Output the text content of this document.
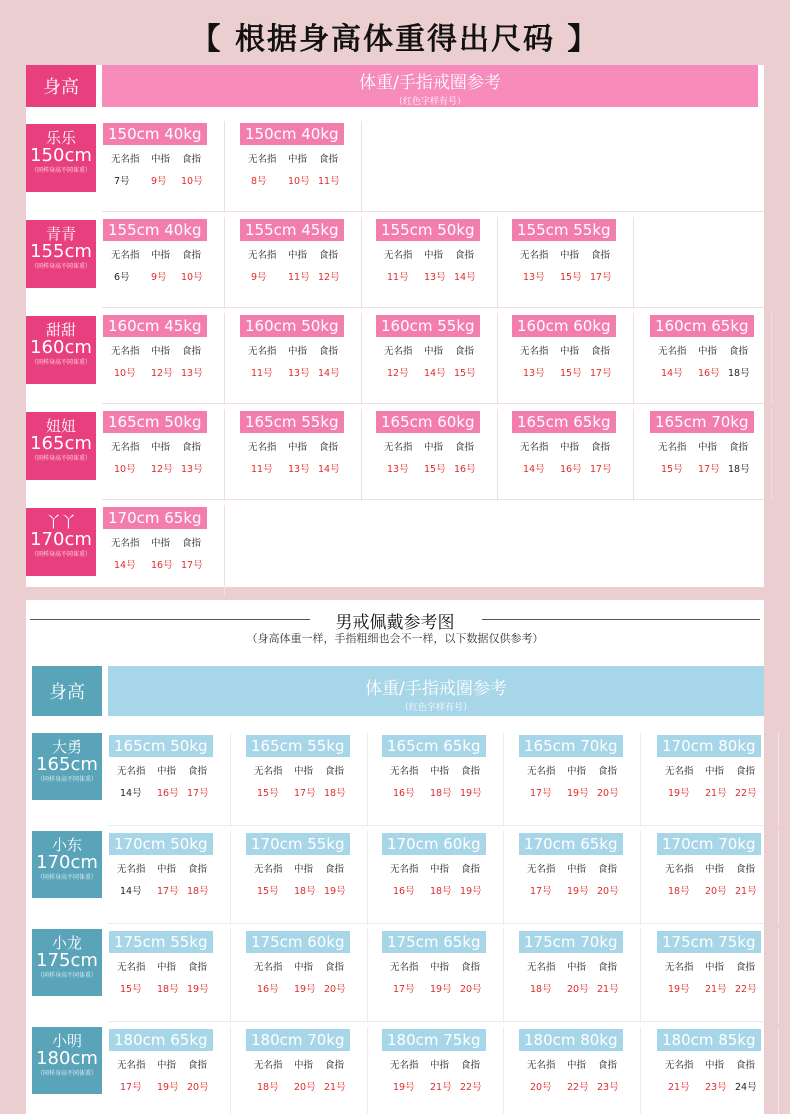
【 根据身高体重得出尺码 】
身高	体重/手指戒圈参考
（红色字样有号）
乐乐
150cm
（同样身高不同体重）
150cm 40kg
无名指	中指	食指
7号	9号	10号
150cm 40kg
无名指	中指	食指
8号	10号 11号
青青
155cm
（同样身高不同体重）
155cm 40kg
无名指	中指	食指
6号	9号	10号
155cm 45kg
无名指	中指	食指
9号	11号 12号
155cm 50kg
无名指	中指	食指
11号	13号 14号
155cm 55kg
无名指	中指	食指
13号	15号 17号
甜甜
160cm
（同样身高不同体重）
160cm 45kg
无名指	中指	食指
10号	12号 13号
160cm 50kg
无名指	中指	食指
11号	13号 14号
160cm 55kg
无名指	中指	食指
12号	14号 15号
160cm 60kg
无名指	中指	食指
13号	15号 17号
160cm 65kg
无名指	中指	食指
14号	16号 18号
妞妞
165cm
（同样身高不同体重）
165cm 50kg
无名指	中指	食指
10号	12号 13号
165cm 55kg
无名指	中指	食指
11号	13号 14号
165cm 60kg
无名指	中指	食指
13号	15号 16号
165cm 65kg
无名指	中指	食指
14号	16号 17号
165cm 70kg
无名指	中指	食指
15号	17号 18号
丫丫
170cm
（同样身高不同体重）
170cm 65kg
无名指	中指	食指
14号	16号 17号
男戒佩戴参考图
（身高体重一样，手指粗细也会不一样，以下数据仅供参考）
身高	体重/手指戒圈参考
（红色字样有号）
大勇
165cm
（同样身高不同体重）
165cm 50kg
无名指	中指	食指
14号	16号 17号
165cm 55kg
无名指	中指	食指
15号	17号 18号
165cm 65kg
无名指	中指	食指
16号	18号 19号
165cm 70kg
无名指	中指	食指
17号	19号 20号
170cm 80kg
无名指	中指	食指
19号	21号 22号
小东
170cm
（同样身高不同体重）
170cm 50kg
无名指	中指	食指
14号	17号 18号
170cm 55kg
无名指	中指	食指
15号	18号 19号
170cm 60kg
无名指	中指	食指
16号	18号 19号
170cm 65kg
无名指	中指	食指
17号	19号 20号
170cm 70kg
无名指	中指	食指
18号	20号 21号
小龙
175cm
（同样身高不同体重）
175cm 55kg
无名指	中指	食指
15号	18号 19号
175cm 60kg
无名指	中指	食指
16号	19号 20号
175cm 65kg
无名指	中指	食指
17号	19号 20号
175cm 70kg
无名指	中指	食指
18号	20号 21号
175cm 75kg
无名指	中指	食指
19号	21号 22号
小明
180cm
（同样身高不同体重）
180cm 65kg
无名指	中指	食指
17号	19号 20号
180cm 70kg
无名指	中指	食指
18号	20号 21号
180cm 75kg
无名指	中指	食指
19号	21号 22号
180cm 80kg
无名指	中指	食指
20号	22号 23号
180cm 85kg
无名指	中指	食指
21号	23号 24号
